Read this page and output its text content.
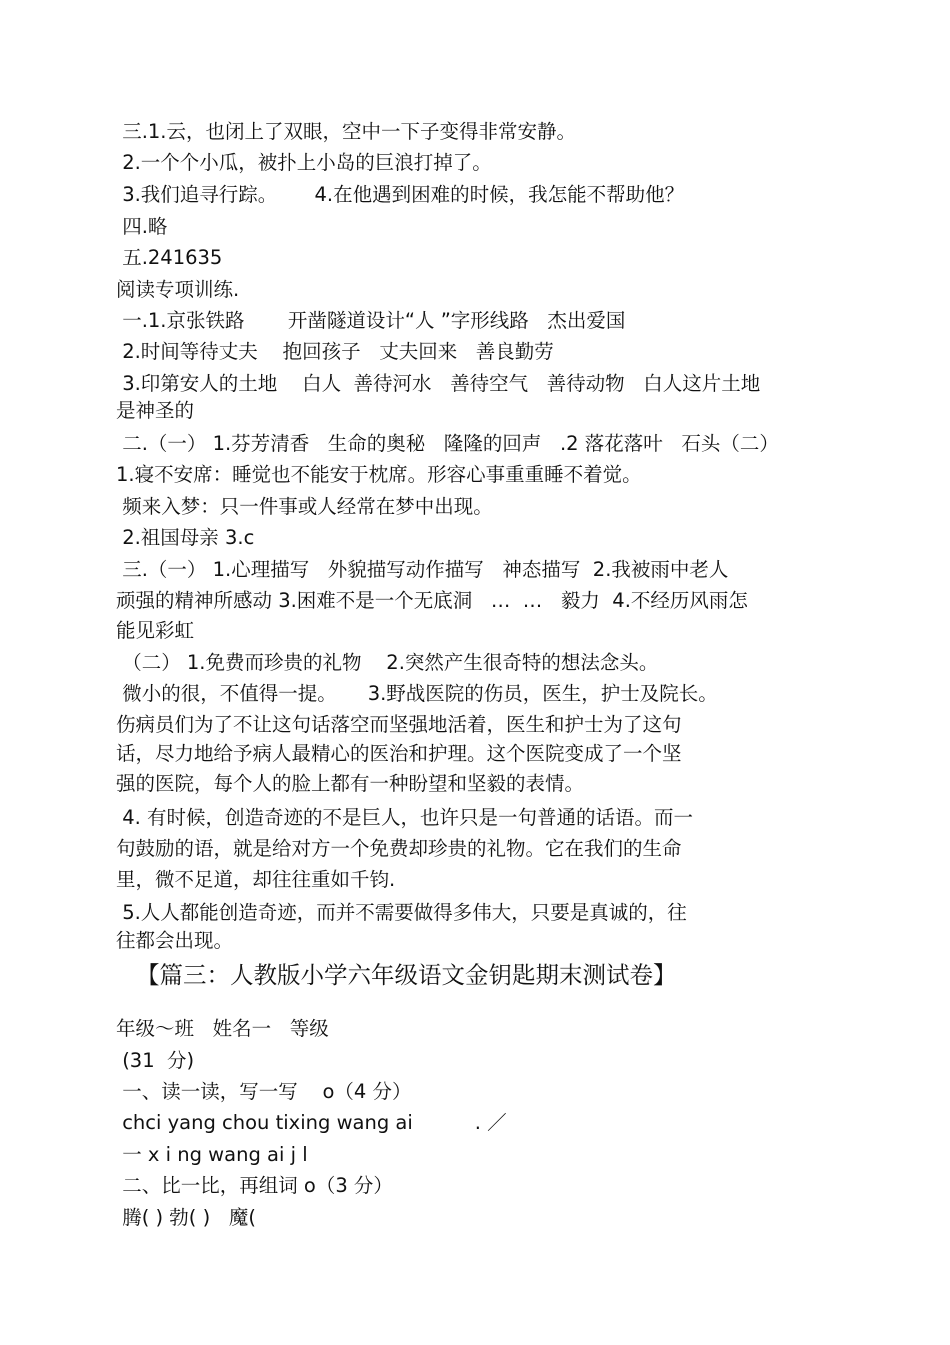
三.1.云，也闭上了双眼，空中一下子变得非常安静。
2.一个个小瓜，被扑上小岛的巨浪打掉了。
3.我们追寻行踪。      4.在他遇到困难的时候，我怎能不帮助他？
四.略
五.241635
阅读专项训练.
一.1.京张铁路       开凿隧道设计“人 ”字形线路   杰出爱国
2.时间等待丈夫    抱回孩子   丈夫回来   善良勤劳
3.印第安人的土地    白人  善待河水   善待空气   善待动物   白人这片土地
是神圣的
二.（一） 1.芬芳清香   生命的奥秘   隆隆的回声   .2 落花落叶   石头（二）
1.寝不安席：睡觉也不能安于枕席。形容心事重重睡不着觉。
频来入梦：只一件事或人经常在梦中出现。
2.祖国母亲 3.c
三.（一） 1.心理描写   外貌描写动作描写   神态描写  2.我被雨中老人
顽强的精神所感动 3.困难不是一个无底洞   …  …   毅力  4.不经历风雨怎
能见彩虹
（二） 1.免费而珍贵的礼物    2.突然产生很奇特的想法念头。
微小的很，不值得一提。     3.野战医院的伤员，医生，护士及院长。
伤病员们为了不让这句话落空而坚强地活着，医生和护士为了这句
话，尽力地给予病人最精心的医治和护理。这个医院变成了一个坚
强的医院，每个人的脸上都有一种盼望和坚毅的表情。
4. 有时候，创造奇迹的不是巨人，也许只是一句普通的话语。而一
句鼓励的语，就是给对方一个免费却珍贵的礼物。它在我们的生命
里，微不足道，却往往重如千钧.
5.人人都能创造奇迹，而并不需要做得多伟大，只要是真诚的，往
往都会出现。
【篇三：人教版小学六年级语文金钥匙期末测试卷】
年级～班   姓名一   等级
(31  分)
一、读一读，写一写    o（4 分）
chci yang chou tixing wang ai          . ／
一 x i ng wang ai j l
二、比一比，再组词 o（3 分）
腾( ) 勃( )   魔(
